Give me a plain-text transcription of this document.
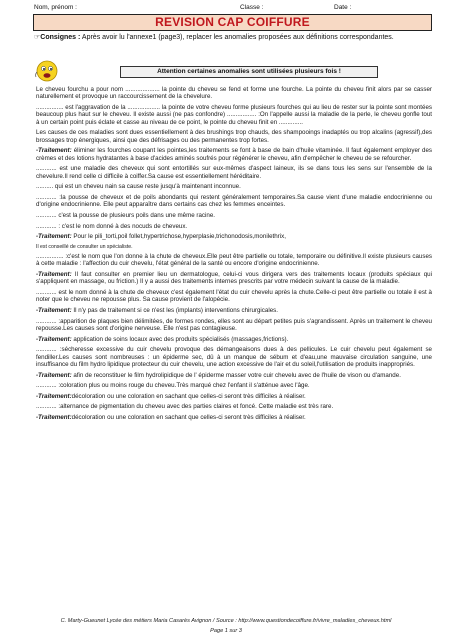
Nom, prénom :	Classe :	Date :
REVISION CAP COIFFURE
☞Consignes : Après avoir lu l'annexe1 (page3), replacer les anomalies proposées aux définitions correspondantes.
Attention certaines anomalies sont utilisées plusieurs fois !

Le cheveu fourchu a pour nom .................... la pointe du cheveu se fend et forme une fourche. La pointe du cheveu finit alors par se casser naturellement et provoque un raccourcissement de la chevelure.

................ est l'aggravation de la ................... la pointe de votre cheveu forme plusieurs fourches qui au lieu de rester sur la pointe sont montées beaucoup plus haut sur le cheveu. Il existe aussi (ne pas confondre) ................. :On l'appelle aussi la maladie de la perle, le cheveu gonfle tout à un certain point puis éclate et casse au niveau de ce point, le pointe du cheveu finit en ..............

Les causes de ces maladies sont dues essentiellement à des brushings trop chauds, des shampooings inadaptés ou trop alcalins (agressif),des brossages trop énergiques, ainsi que des défrisages ou des permanentes trop fortes.

-Traitement: éliminer les fourches coupant les pointes,les traitements se font à base de bain d'huile vitaminée. Il faut également employer des crèmes et des lotions hydratantes à base d'acides aminés soufrés pour régénérer le cheveu, afin d'empêcher le cheveu de se refourcher.

............ est une maladie des cheveux qui sont entortillés sur eux-mêmes d'aspect laineux, ils se dans tous les sens sur l'ensemble de la chevelure.Il rend celle ci difficile à coiffer.Sa cause est essentiellement héréditaire.

.......... qui est un cheveu nain sa cause reste jusqu'à maintenant inconnue.

............ :la pousse de cheveux et de poils abondants qui restent généralement temporaires.Sa cause vient d'une maladie endocrinienne ou d'origine endocrinienne. Elle peut apparaître dans certains cas chez les femmes enceintes.

............ c'est la pousse de plusieurs poils dans une même racine.

............ : c'est le nom donné à des nocuds de cheveux.

-Traitement: Pour le pili_torti,poil follet,hypertrichose,hyperplasie,trichonodosis,monilethrix,

Il est conseillé de consulter un spécialiste.

................ :c'est le nom que l'on donne à la chute de cheveux.Elle peut être partielle ou totale, temporaire ou définitive.Il existe plusieurs causes à cette maladie : l'affection du cuir chevelu, l'état général de la santé ou encore d'origine endocrinienne.

-Traitement: Il faut consulter en premier lieu un dermatologue, celui-ci vous dirigera vers des traitements locaux (produits spéciaux qui s'appliquent en massage, ou friction.) Il y a aussi des traitements internes prescrits par votre médecin suivant la cause de la maladie.

............ est le nom donné à la chute de cheveux c'est également l'état du cuir chevelu après la chute.Celle-ci peut être partielle ou totale il est à noter que le cheveu ne repousse plus. Sa cause provient de l'alopécie.

-Traitement: Il n'y pas de traitement si ce n'est les (implants) interventions chirurgicales.

............ :apparition de plaques bien délimitées, de formes rondes, elles sont au départ petites puis s'agrandissent. Après un traitement le cheveu repousse.Les causes sont d'origine nerveuse. Elle n'est pas contagieuse.

-Traitement: application de soins locaux avec des produits spécialisés (massages,frictions).

............ :sécheresse excessive du cuir chevelu provoque des démangeaisons dues à des pellicules. Le cuir chevelu peut également se fendiller.Les causes sont nombreuses : un épiderme sec, dû à un manque de sébum et d'eau,une mauvaise circulation sanguine, une insuffisance du film hydro lipidique protecteur du cuir chevelu, une action excessive de l'air et du soleil,l'utilisation de produits inappropriés.

-Traitement: afin de reconstituer le film hydrolipidique de l' épiderme masser votre cuir chevelu avec de l'huile de vison ou d'amande.

............ :coloration plus ou moins rouge du cheveu.Très marqué chez l'enfant il s'atténue avec l'âge.

-Traitement:décoloration ou une coloration en sachant que celles-ci seront très difficiles à réaliser.

............ :alternance de pigmentation du cheveu avec des parties claires et foncé. Cette maladie est très rare.

-Traitement:décoloration ou une coloration en sachant que celles-ci seront très difficiles à réaliser.

C. Marty-Gueunet Lycée des métiers Maria Casarès Avignon / Source : http://www.questiondecoiffure.fr/vivre_maladies_cheveux.html
Page 1 sur 3
